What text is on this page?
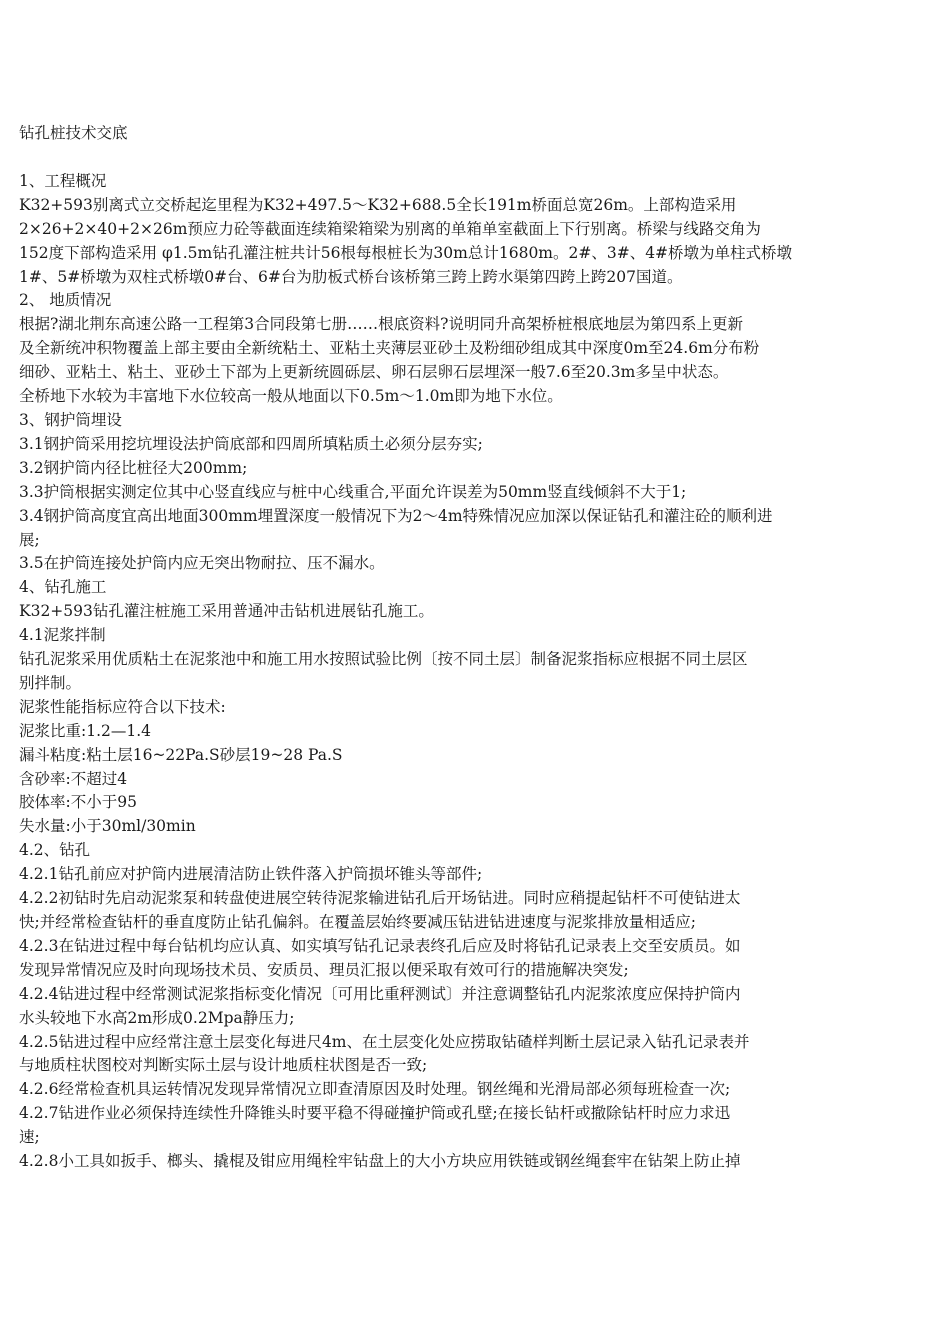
钻孔桩技术交底
1、工程概况
K32+593别离式立交桥起迄里程为K32+497.5～K32+688.5全长191m桥面总宽26m。上部构造采用
2×26+2×40+2×26m预应力砼等截面连续箱梁箱梁为别离的单箱单室截面上下行别离。桥梁与线路交角为
152度下部构造采用 φ1.5m钻孔灌注桩共计56根每根桩长为30m总计1680m。2#、3#、4#桥墩为单柱式桥墩
1#、5#桥墩为双柱式桥墩0#台、6#台为肋板式桥台该桥第三跨上跨水渠第四跨上跨207国道。
2、 地质情况
根据?湖北荆东高速公路一工程第3合同段第七册……根底资料?说明同升高架桥桩根底地层为第四系上更新
及全新统冲积物覆盖上部主要由全新统粘土、亚粘土夹薄层亚砂土及粉细砂组成其中深度0m至24.6m分布粉
细砂、亚粘土、粘土、亚砂土下部为上更新统圆砾层、卵石层卵石层埋深一般7.6至20.3m多呈中状态。
全桥地下水较为丰富地下水位较高一般从地面以下0.5m～1.0m即为地下水位。
3、钢护筒埋设
3.1钢护筒采用挖坑埋设法护筒底部和四周所填粘质土必须分层夯实;
3.2钢护筒内径比桩径大200mm;
3.3护筒根据实测定位其中心竖直线应与桩中心线重合,平面允许误差为50mm竖直线倾斜不大于1;
3.4钢护筒高度宜高出地面300mm埋置深度一般情况下为2～4m特殊情况应加深以保证钻孔和灌注砼的顺利进
展;
3.5在护筒连接处护筒内应无突出物耐拉、压不漏水。
4、钻孔施工
K32+593钻孔灌注桩施工采用普通冲击钻机进展钻孔施工。
4.1泥浆拌制
钻孔泥浆采用优质粘土在泥浆池中和施工用水按照试验比例〔按不同土层〕制备泥浆指标应根据不同土层区
别拌制。
泥浆性能指标应符合以下技术:
泥浆比重:1.2—1.4
漏斗粘度:粘土层16~22Pa.S砂层19~28 Pa.S
含砂率:不超过4
胶体率:不小于95
失水量:小于30ml/30min
4.2、钻孔
4.2.1钻孔前应对护筒内进展清洁防止铁件落入护筒损坏锥头等部件;
4.2.2初钻时先启动泥浆泵和转盘使进展空转待泥浆输进钻孔后开场钻进。同时应稍提起钻杆不可使钻进太
快;并经常检查钻杆的垂直度防止钻孔偏斜。在覆盖层始终要减压钻进钻进速度与泥浆排放量相适应;
4.2.3在钻进过程中每台钻机均应认真、如实填写钻孔记录表终孔后应及时将钻孔记录表上交至安质员。如
发现异常情况应及时向现场技术员、安质员、理员汇报以便采取有效可行的措施解决突发;
4.2.4钻进过程中经常测试泥浆指标变化情况〔可用比重秤测试〕并注意调整钻孔内泥浆浓度应保持护筒内
水头较地下水高2m形成0.2Mpa静压力;
4.2.5钻进过程中应经常注意土层变化每进尺4m、在土层变化处应捞取钻碴样判断土层记录入钻孔记录表并
与地质柱状图校对判断实际土层与设计地质柱状图是否一致;
4.2.6经常检查机具运转情况发现异常情况立即查清原因及时处理。钢丝绳和光滑局部必须每班检查一次;
4.2.7钻进作业必须保持连续性升降锥头时要平稳不得碰撞护筒或孔壁;在接长钻杆或撤除钻杆时应力求迅
速;
4.2.8小工具如扳手、榔头、撬棍及钳应用绳栓牢钻盘上的大小方块应用铁链或钢丝绳套牢在钻架上防止掉
